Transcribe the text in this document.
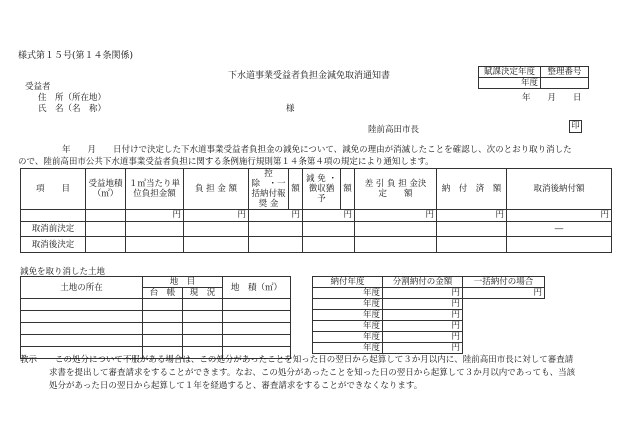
様式第１５号(第１４条関係)
下水道事業受益者負担金減免取消通知書	賦課決定年度	整理番号
年度	
受益者
住　所（所在地）
氏　名（名　称）	様
年　　月　　日
陸前高田市長	印
年　　月　　日付けで決定した下水道事業受益者負担金の減免について、減免の理由が消滅したことを確認し、次のとおり取り消した
ので、陸前高田市公共下水道事業受益者負担に関する条例施行規則第１４条第４項の規定により通知します。
項　　目	受益地積（㎡）	１㎡当たり単位負担金額	負 担 金 額	控　除　・一括納付報 奨 金	額	減 免 ・徴収猶予	額	差 引 負 担 金決　　定　　額	納　付　済　額	取消後納付額
		円	円	円		円		円	円	円
取消前決定										―
取消後決定										
減免を取り消した土地
土地の所在	地　目		地　積（㎡）
	台　帳	現　況	

納付年度	分割納付の金額	一括納付の場合
年度	円	円
年度	円	
年度	円	
年度	円	
年度	円	
年度	円	
教示 この処分について不服がある場合は、この処分があったことを知った日の翌日から起算して３か月以内に、陸前高田市長に対して審査請
求書を提出して審査請求をすることができます。なお、この処分があったことを知った日の翌日から起算して３か月以内であっても、当該
処分があった日の翌日から起算して１年を経過すると、審査請求をすることができなくなります。
